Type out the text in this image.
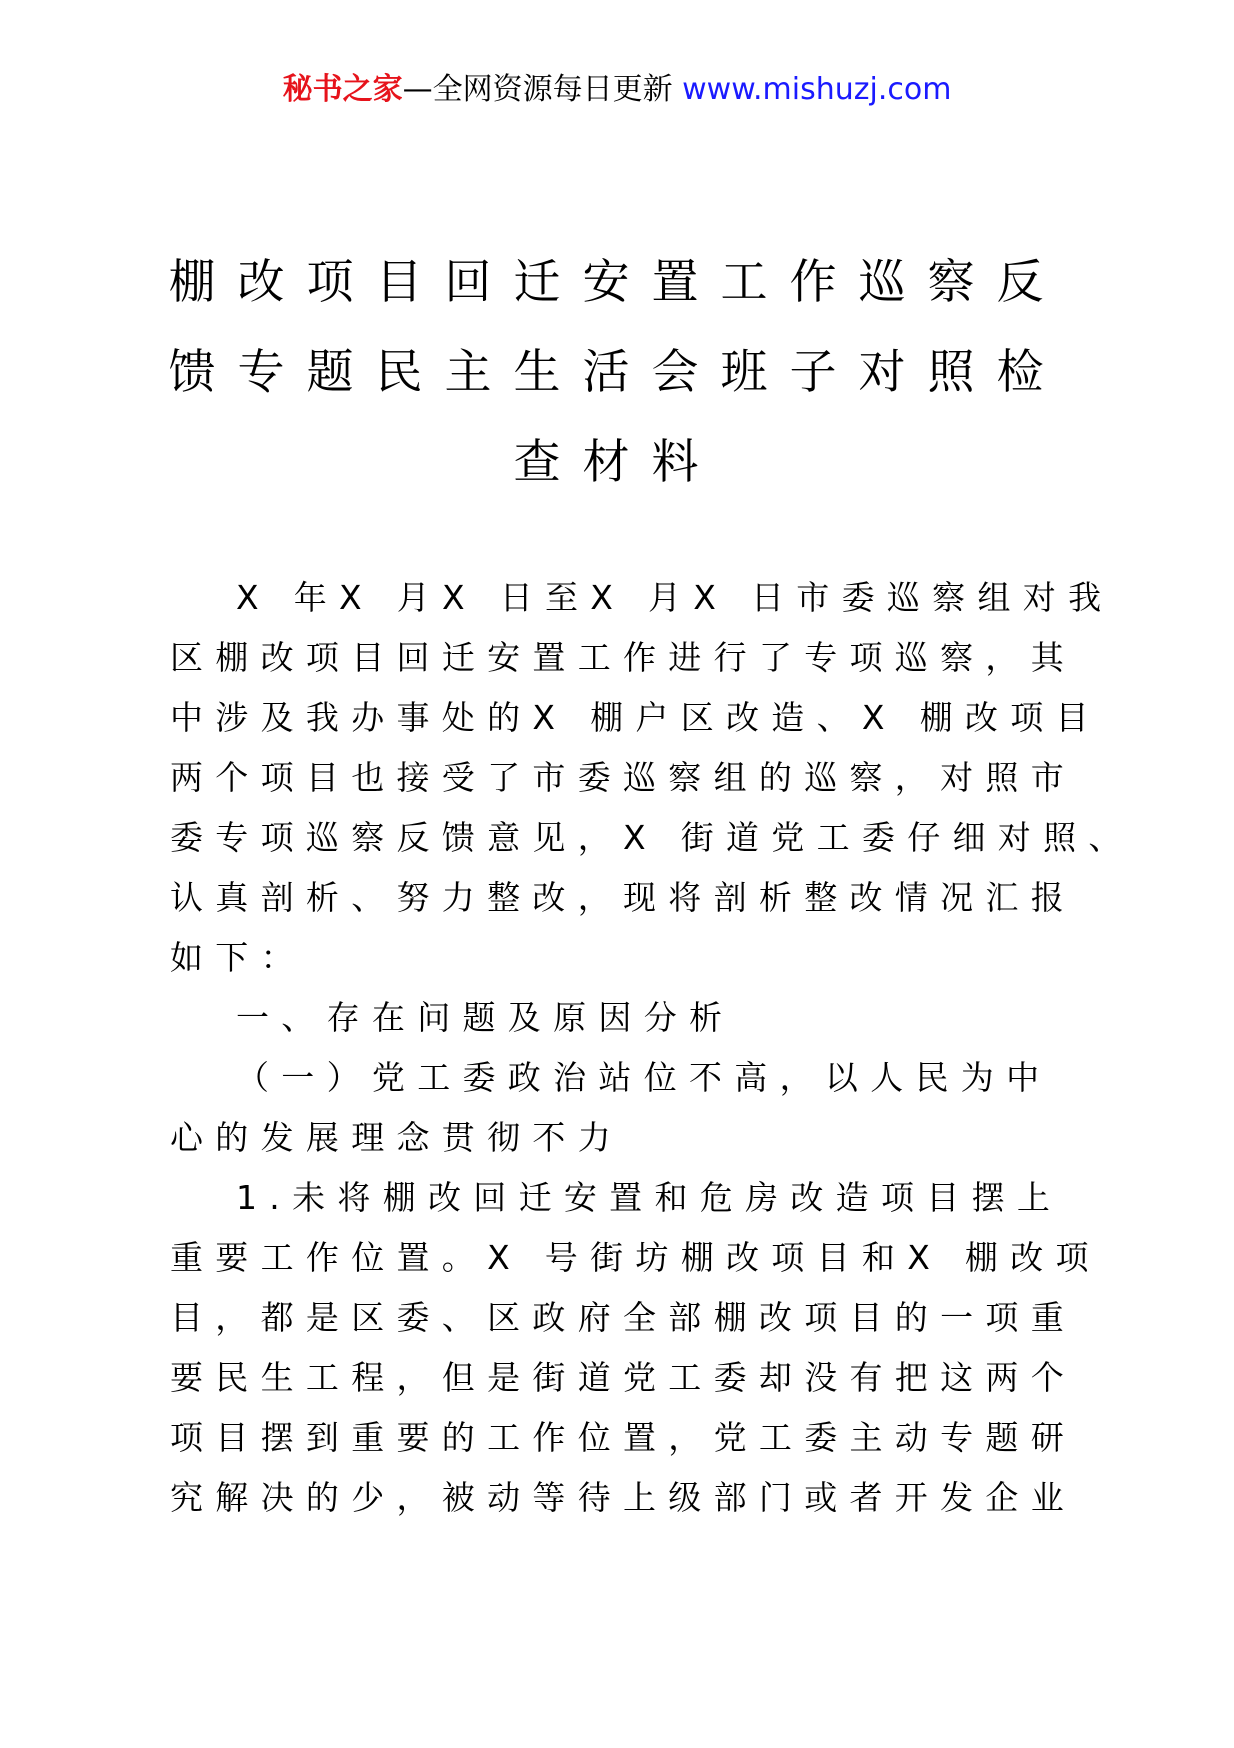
秘书之家—全网资源每日更新 www.mishuzj.com
棚改项目回迁安置工作巡察反
馈专题民主生活会班子对照检
查材料
X 年X 月X 日至X 月X 日市委巡察组对我
区棚改项目回迁安置工作进行了专项巡察，其
中涉及我办事处的X 棚户区改造、X 棚改项目
两个项目也接受了市委巡察组的巡察，对照市
委专项巡察反馈意见，X 街道党工委仔细对照、
认真剖析、努力整改，现将剖析整改情况汇报
如下：
一、存在问题及原因分析
（一）党工委政治站位不高，以人民为中
心的发展理念贯彻不力
1.未将棚改回迁安置和危房改造项目摆上
重要工作位置。X 号街坊棚改项目和X 棚改项
目，都是区委、区政府全部棚改项目的一项重
要民生工程，但是街道党工委却没有把这两个
项目摆到重要的工作位置，党工委主动专题研
究解决的少，被动等待上级部门或者开发企业
